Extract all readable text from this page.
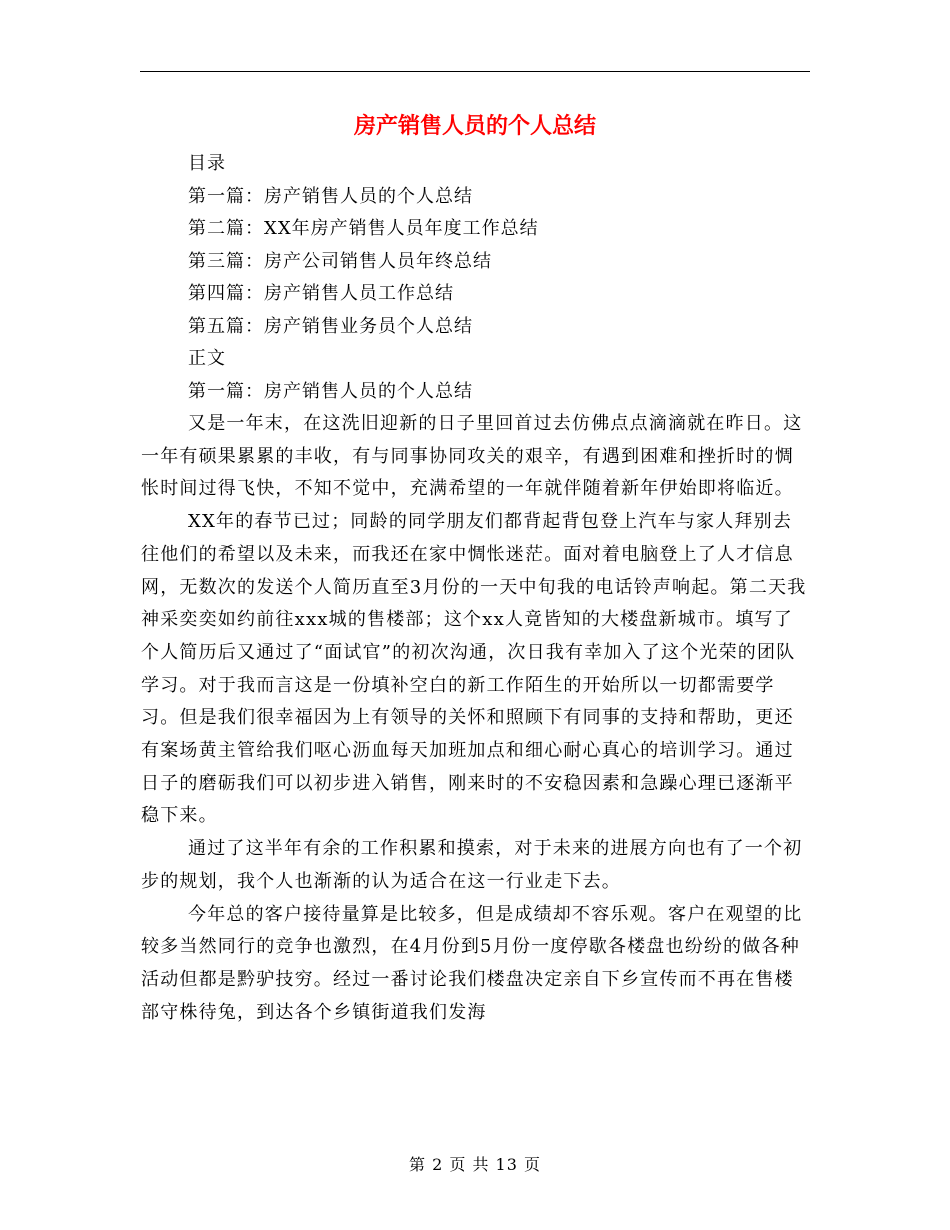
房产销售人员的个人总结
目录
第一篇：房产销售人员的个人总结
第二篇：XX年房产销售人员年度工作总结
第三篇：房产公司销售人员年终总结
第四篇：房产销售人员工作总结
第五篇：房产销售业务员个人总结
正文
第一篇：房产销售人员的个人总结

又是一年末，在这洗旧迎新的日子里回首过去仿佛点点滴滴就在昨日。这一年有硕果累累的丰收，有与同事协同攻关的艰辛，有遇到困难和挫折时的惆怅时间过得飞快，不知不觉中，充满希望的一年就伴随着新年伊始即将临近。

XX年的春节已过；同龄的同学朋友们都背起背包登上汽车与家人拜别去往他们的希望以及未来，而我还在家中惆怅迷茫。面对着电脑登上了人才信息网，无数次的发送个人简历直至3月份的一天中旬我的电话铃声响起。第二天我神采奕奕如约前往xxx城的售楼部；这个xx人竟皆知的大楼盘新城市。填写了个人简历后又通过了“面试官”的初次沟通，次日我有幸加入了这个光荣的团队学习。对于我而言这是一份填补空白的新工作陌生的开始所以一切都需要学习。但是我们很幸福因为上有领导的关怀和照顾下有同事的支持和帮助，更还有案场黄主管给我们呕心沥血每天加班加点和细心耐心真心的培训学习。通过日子的磨砺我们可以初步进入销售，刚来时的不安稳因素和急躁心理已逐渐平稳下来。

通过了这半年有余的工作积累和摸索，对于未来的进展方向也有了一个初步的规划，我个人也渐渐的认为适合在这一行业走下去。

今年总的客户接待量算是比较多，但是成绩却不容乐观。客户在观望的比较多当然同行的竞争也激烈，在4月份到5月份一度停歇各楼盘也纷纷的做各种活动但都是黔驴技穷。经过一番讨论我们楼盘决定亲自下乡宣传而不再在售楼部守株待兔，到达各个乡镇街道我们发海

第 2 页 共 13 页
